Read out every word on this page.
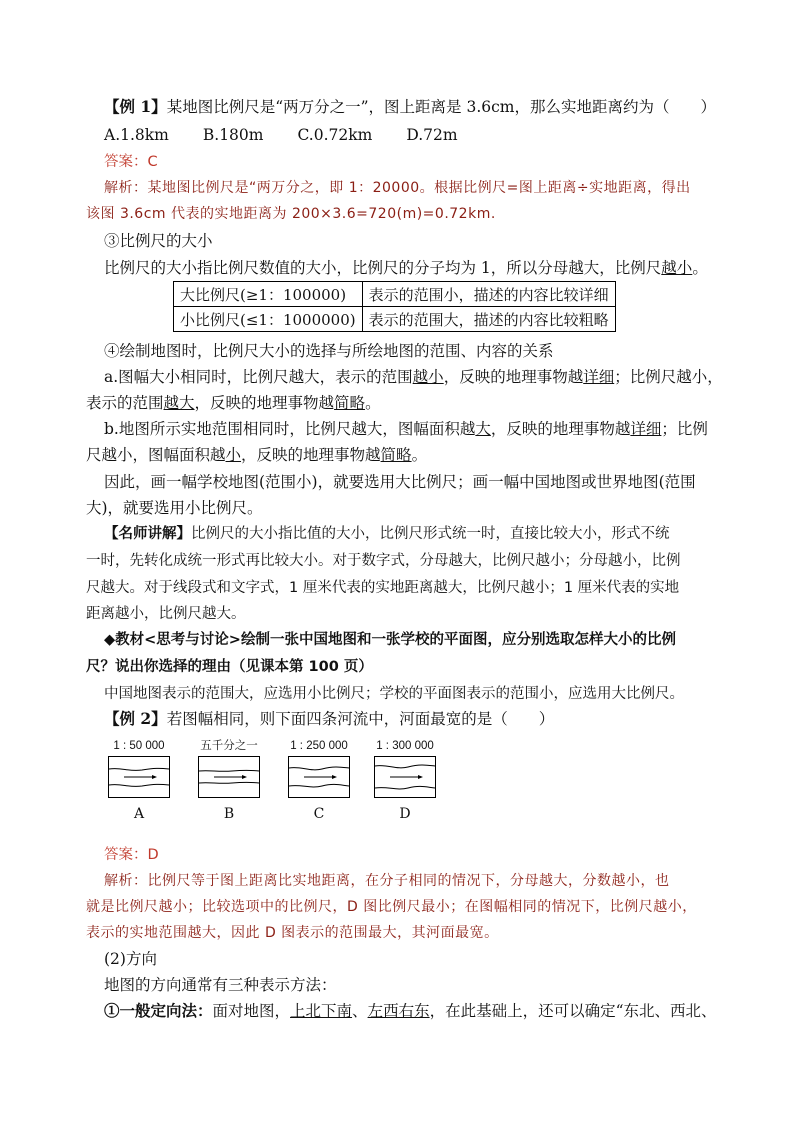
【例 1】某地图比例尺是“两万分之一”，图上距离是 3.6cm，那么实地距离约为（　　）
A.1.8km B.180m C.0.72km D.72m
答案：C
解析：某地图比例尺是“两万分之，即 1：20000。根据比例尺=图上距离÷实地距离，得出
该图 3.6cm 代表的实地距离为 200×3.6=720(m)=0.72km.
③比例尺的大小
比例尺的大小指比例尺数值的大小，比例尺的分子均为 1，所以分母越大，比例尺越小。
大比例尺(≥1：100000)	表示的范围小，描述的内容比较详细
小比例尺(≤1：1000000)	表示的范围大，描述的内容比较粗略
④绘制地图时，比例尺大小的选择与所绘地图的范围、内容的关系
a.图幅大小相同时，比例尺越大，表示的范围越小，反映的地理事物越详细；比例尺越小，
表示的范围越大，反映的地理事物越简略。
b.地图所示实地范围相同时，比例尺越大，图幅面积越大，反映的地理事物越详细；比例
尺越小，图幅面积越小，反映的地理事物越简略。
因此，画一幅学校地图(范围小)，就要选用大比例尺；画一幅中国地图或世界地图(范围
大)，就要选用小比例尺。
【名师讲解】比例尺的大小指比值的大小，比例尺形式统一时，直接比较大小，形式不统
一时，先转化成统一形式再比较大小。对于数字式，分母越大，比例尺越小；分母越小，比例
尺越大。对于线段式和文字式，1 厘米代表的实地距离越大，比例尺越小；1 厘米代表的实地
距离越小，比例尺越大。
◆教材<思考与讨论>绘制一张中国地图和一张学校的平面图，应分别选取怎样大小的比例
尺？说出你选择的理由（见课本第 100 页）
中国地图表示的范围大，应选用小比例尺；学校的平面图表示的范围小，应选用大比例尺。
【例 2】若图幅相同，则下面四条河流中，河面最宽的是（　　）
1 : 50 000
A
五千分之一
B
1 : 250 000
C
1 : 300 000
D
答案：D
解析：比例尺等于图上距离比实地距离，在分子相同的情况下，分母越大，分数越小，也
就是比例尺越小；比较选项中的比例尺，D 图比例尺最小；在图幅相同的情况下，比例尺越小，
表示的实地范围越大，因此 D 图表示的范围最大，其河面最宽。
(2)方向
地图的方向通常有三种表示方法：
①一般定向法：面对地图，上北下南、左西右东，在此基础上，还可以确定“东北、西北、
